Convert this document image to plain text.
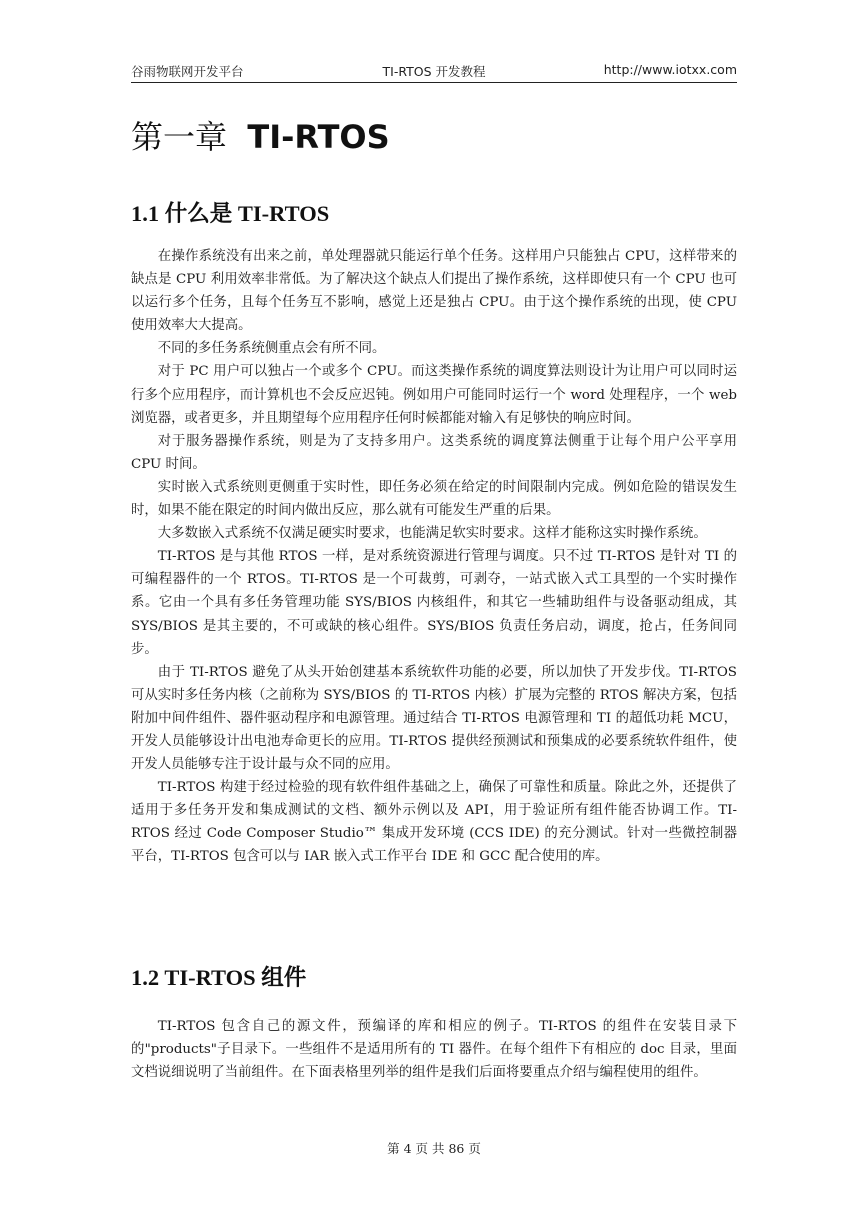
谷雨物联网开发平台	TI-RTOS 开发教程	http://www.iotxx.com
第一章 TI-RTOS
1.1 什么是 TI-RTOS

在操作系统没有出来之前，单处理器就只能运行单个任务。这样用户只能独占 CPU，这样带来的缺点是 CPU 利用效率非常低。为了解决这个缺点人们提出了操作系统，这样即使只有一个 CPU 也可以运行多个任务，且每个任务互不影响，感觉上还是独占 CPU。由于这个操作系统的出现，使 CPU 使用效率大大提高。

不同的多任务系统侧重点会有所不同。

对于 PC 用户可以独占一个或多个 CPU。而这类操作系统的调度算法则设计为让用户可以同时运行多个应用程序，而计算机也不会反应迟钝。例如用户可能同时运行一个 word 处理程序，一个 web 浏览器，或者更多，并且期望每个应用程序任何时候都能对输入有足够快的响应时间。

对于服务器操作系统，则是为了支持多用户。这类系统的调度算法侧重于让每个用户公平享用 CPU 时间。

实时嵌入式系统则更侧重于实时性，即任务必须在给定的时间限制内完成。例如危险的错误发生时，如果不能在限定的时间内做出反应，那么就有可能发生严重的后果。

大多数嵌入式系统不仅满足硬实时要求，也能满足软实时要求。这样才能称这实时操作系统。

TI-RTOS 是与其他 RTOS 一样，是对系统资源进行管理与调度。只不过 TI-RTOS 是针对 TI 的可编程器件的一个 RTOS。TI-RTOS 是一个可裁剪，可剥夺，一站式嵌入式工具型的一个实时操作系。它由一个具有多任务管理功能 SYS/BIOS 内核组件，和其它一些辅助组件与设备驱动组成，其 SYS/BIOS 是其主要的，不可或缺的核心组件。SYS/BIOS 负责任务启动，调度，抢占，任务间同步。

由于 TI-RTOS 避免了从头开始创建基本系统软件功能的必要，所以加快了开发步伐。TI-RTOS 可从实时多任务内核（之前称为 SYS/BIOS 的 TI-RTOS 内核）扩展为完整的 RTOS 解决方案，包括附加中间件组件、器件驱动程序和电源管理。通过结合 TI-RTOS 电源管理和 TI 的超低功耗 MCU，开发人员能够设计出电池寿命更长的应用。TI-RTOS 提供经预测试和预集成的必要系统软件组件，使开发人员能够专注于设计最与众不同的应用。

TI-RTOS 构建于经过检验的现有软件组件基础之上，确保了可靠性和质量。除此之外，还提供了适用于多任务开发和集成测试的文档、额外示例以及 API，用于验证所有组件能否协调工作。TI-RTOS 经过 Code Composer Studio™ 集成开发环境 (CCS IDE) 的充分测试。针对一些微控制器平台，TI-RTOS 包含可以与 IAR 嵌入式工作平台 IDE 和 GCC 配合使用的库。

1.2 TI-RTOS 组件

TI-RTOS 包含自己的源文件，预编译的库和相应的例子。TI-RTOS 的组件在安装目录下的"products"子目录下。一些组件不是适用所有的 TI 器件。在每个组件下有相应的 doc 目录，里面文档说细说明了当前组件。在下面表格里列举的组件是我们后面将要重点介绍与编程使用的组件。

第 4 页 共 86 页
